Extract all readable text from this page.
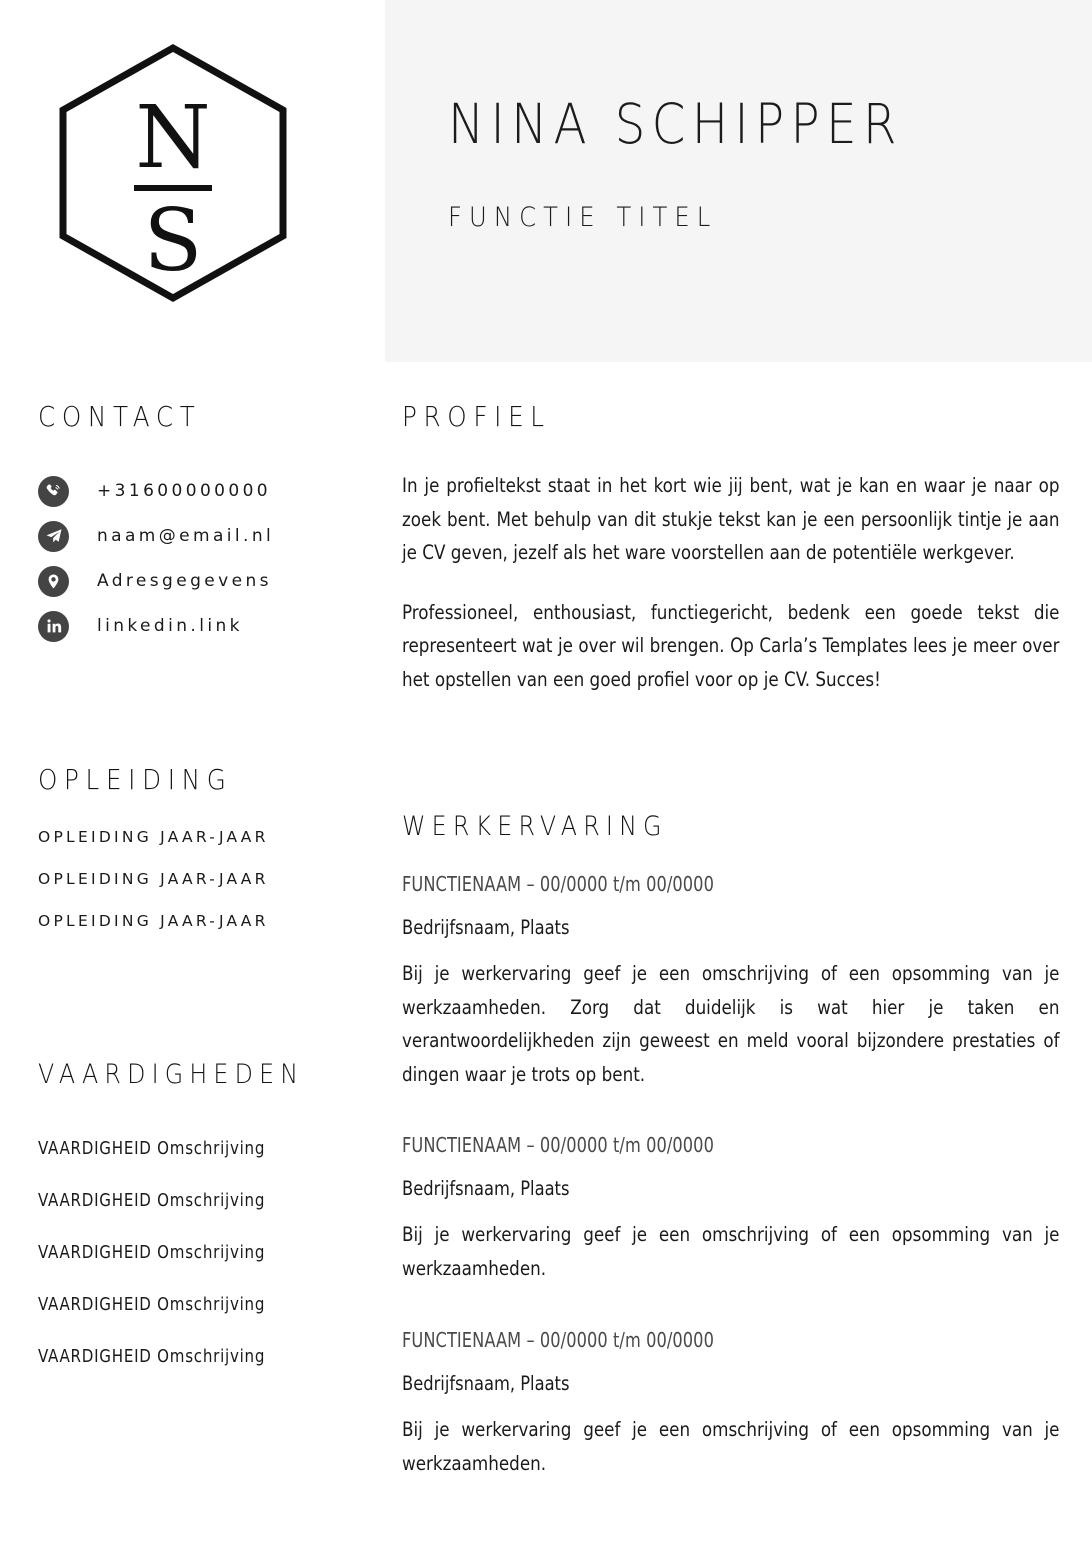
N
S
NINA SCHIPPER
FUNCTIE TITEL
CONTACT
+31600000000
naam@email.nl
Adresgegevens
linkedin.link
OPLEIDING
OPLEIDING JAAR-JAAR
OPLEIDING JAAR-JAAR
OPLEIDING JAAR-JAAR
VAARDIGHEDEN
VAARDIGHEID Omschrijving
VAARDIGHEID Omschrijving
VAARDIGHEID Omschrijving
VAARDIGHEID Omschrijving
VAARDIGHEID Omschrijving
PROFIEL

In je profieltekst staat in het kort wie jij bent, wat je kan en waar je naar op zoek bent. Met behulp van dit stukje tekst kan je een persoonlijk tintje je aan je CV geven, jezelf als het ware voorstellen aan de potentiële werkgever.

Professioneel, enthousiast, functiegericht, bedenk een goede tekst die representeert wat je over wil brengen. Op Carla’s Templates lees je meer over het opstellen van een goed profiel voor op je CV. Succes!

WERKERVARING
FUNCTIENAAM – 00/0000 t/m 00/0000
Bedrijfsnaam, Plaats

Bij je werkervaring geef je een omschrijving of een opsomming van je werkzaamheden. Zorg dat duidelijk is wat hier je taken en verantwoordelijkheden zijn geweest en meld vooral bijzondere prestaties of dingen waar je trots op bent.

FUNCTIENAAM – 00/0000 t/m 00/0000
Bedrijfsnaam, Plaats

Bij je werkervaring geef je een omschrijving of een opsomming van je werkzaamheden.

FUNCTIENAAM – 00/0000 t/m 00/0000
Bedrijfsnaam, Plaats

Bij je werkervaring geef je een omschrijving of een opsomming van je werkzaamheden.
